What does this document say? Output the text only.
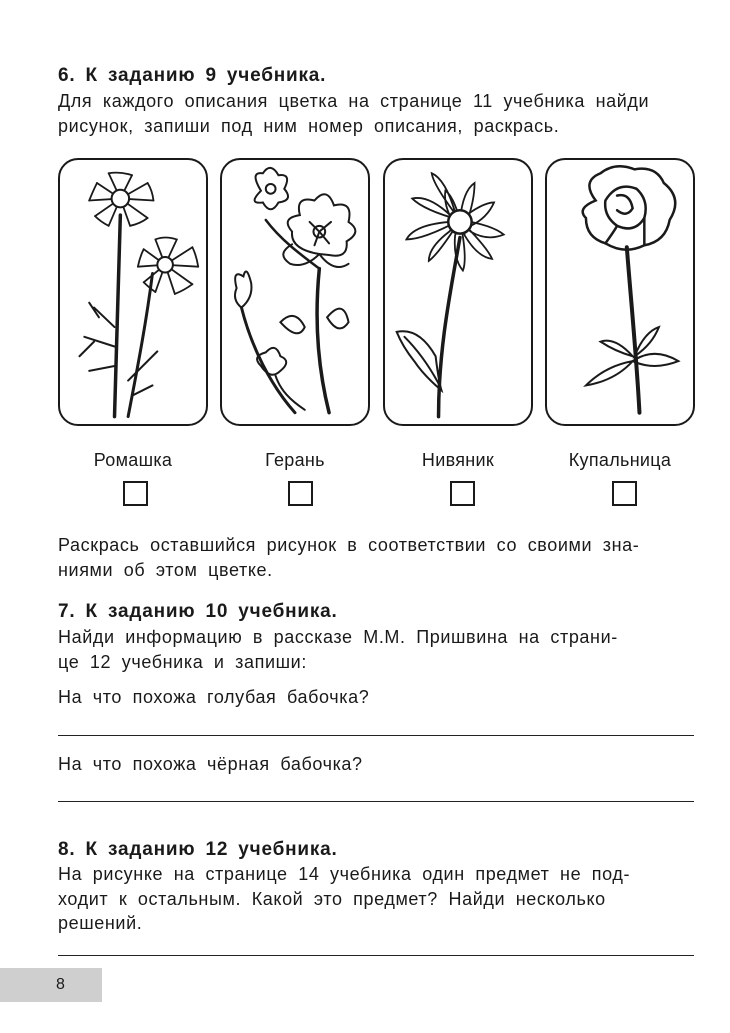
6. К заданию 9 учебника.
Для каждого описания цветка на странице 11 учебника найди
рисунок, запиши под ним номер описания, раскрась.
Ромашка	Герань	Нивяник	Купальница
Раскрась оставшийся рисунок в соответствии со своими зна-
ниями об этом цветке.
7. К заданию 10 учебника.
Найди информацию в рассказе М.М. Пришвина на страни-
це 12 учебника и запиши:
На что похожа голубая бабочка?
На что похожа чёрная бабочка?
8. К заданию 12 учебника.
На рисунке на странице 14 учебника один предмет не под-
ходит к остальным. Какой это предмет? Найди несколько
решений.
8
